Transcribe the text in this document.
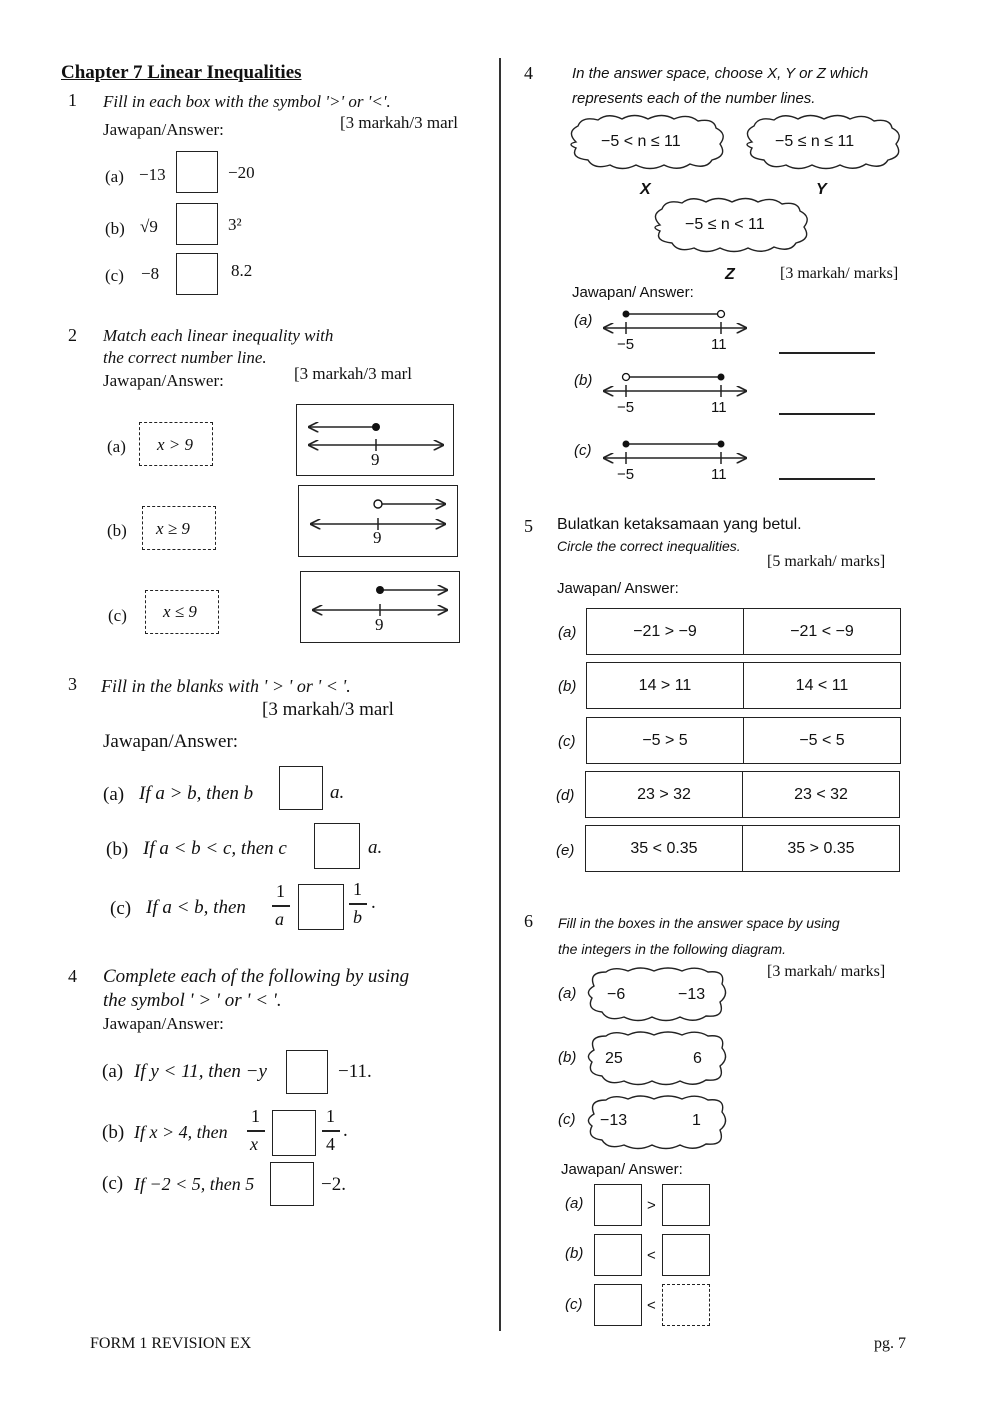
Chapter 7 Linear Inequalities
1 Fill in each box with the symbol '>' or '<'.
Jawapan/Answer:	[3 markah/3 marl
(a) −13	−20
(b) √9	3²
(c) −8	8.2
2 Match each linear inequality with
the correct number line.
Jawapan/Answer:	[3 markah/3 marl
(a) x > 9
9
(b) x ≥ 9	9
(c) x ≤ 9
9
3 Fill in the blanks with ' > ' or ' < '.
[3 markah/3 marl
Jawapan/Answer:
(a) If a > b, then b	a.
(b) If a < b < c, then c	a.
(c) If a < b, then
1
a
1
b
.
4 Complete each of the following by using
the symbol ' > ' or ' < '.
Jawapan/Answer:
(a) If y < 11, then −y	−11.
(b) If x > 4, then
1
x
1
4
.
(c) If −2 < 5, then 5	−2.
FORM 1 REVISION EX	pg. 7
4	In the answer space, choose X, Y or Z which
represents each of the number lines.
−5 < n ≤ 11	−5 ≤ n ≤ 11
X	Y
−5 ≤ n < 11
Z	[3 markah/ marks]
Jawapan/ Answer:
(a)
−5	11
(b)
−5	11
(c)
−5	11
5 Bulatkan ketaksamaan yang betul.
Circle the correct inequalities.
[5 markah/ marks]
Jawapan/ Answer:
(a)	−21 > −9	−21 < −9
(b)	14 > 11	14 < 11
(c)	−5 > 5	−5 < 5
(d)	23 > 32	23 < 32
(e)	35 < 0.35	35 > 0.35
6 Fill in the boxes in the answer space by using
the integers in the following diagram.
[3 markah/ marks]
(a) −6	−13
(b) 25	6
(c) −13	1
Jawapan/ Answer:
(a)	>
(b)	<
(c)	<
